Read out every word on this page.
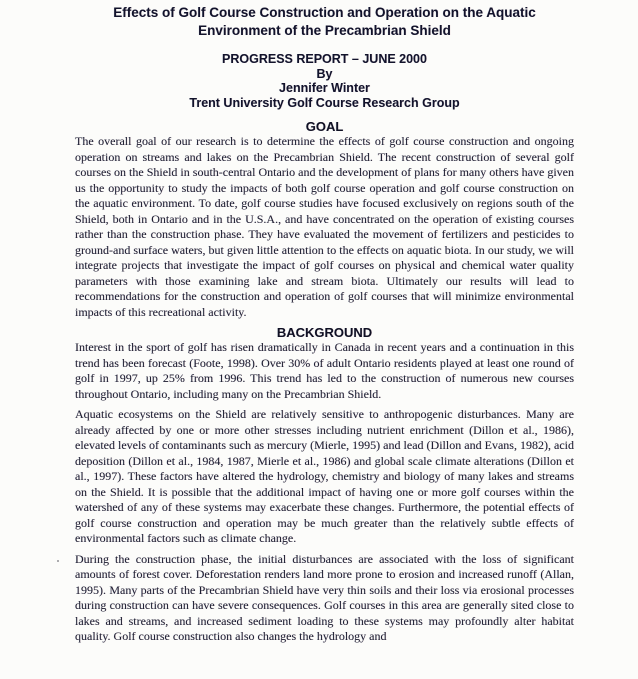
Effects of Golf Course Construction and Operation on the Aquatic Environment of the Precambrian Shield
PROGRESS REPORT – JUNE 2000
By
Jennifer Winter
Trent University Golf Course Research Group
GOAL

The overall goal of our research is to determine the effects of golf course construction and ongoing operation on streams and lakes on the Precambrian Shield. The recent construction of several golf courses on the Shield in south-central Ontario and the development of plans for many others have given us the opportunity to study the impacts of both golf course operation and golf course construction on the aquatic environment. To date, golf course studies have focused exclusively on regions south of the Shield, both in Ontario and in the U.S.A., and have concentrated on the operation of existing courses rather than the construction phase. They have evaluated the movement of fertilizers and pesticides to ground-and surface waters, but given little attention to the effects on aquatic biota. In our study, we will integrate projects that investigate the impact of golf courses on physical and chemical water quality parameters with those examining lake and stream biota. Ultimately our results will lead to recommendations for the construction and operation of golf courses that will minimize environmental impacts of this recreational activity.

BACKGROUND

Interest in the sport of golf has risen dramatically in Canada in recent years and a continuation in this trend has been forecast (Foote, 1998). Over 30% of adult Ontario residents played at least one round of golf in 1997, up 25% from 1996. This trend has led to the construction of numerous new courses throughout Ontario, including many on the Precambrian Shield.

Aquatic ecosystems on the Shield are relatively sensitive to anthropogenic disturbances. Many are already affected by one or more other stresses including nutrient enrichment (Dillon et al., 1986), elevated levels of contaminants such as mercury (Mierle, 1995) and lead (Dillon and Evans, 1982), acid deposition (Dillon et al., 1984, 1987, Mierle et al., 1986) and global scale climate alterations (Dillon et al., 1997). These factors have altered the hydrology, chemistry and biology of many lakes and streams on the Shield. It is possible that the additional impact of having one or more golf courses within the watershed of any of these systems may exacerbate these changes. Furthermore, the potential effects of golf course construction and operation may be much greater than the relatively subtle effects of environmental factors such as climate change.

During the construction phase, the initial disturbances are associated with the loss of significant amounts of forest cover. Deforestation renders land more prone to erosion and increased runoff (Allan, 1995). Many parts of the Precambrian Shield have very thin soils and their loss via erosional processes during construction can have severe consequences. Golf courses in this area are generally sited close to lakes and streams, and increased sediment loading to these systems may profoundly alter habitat quality. Golf course construction also changes the hydrology and
